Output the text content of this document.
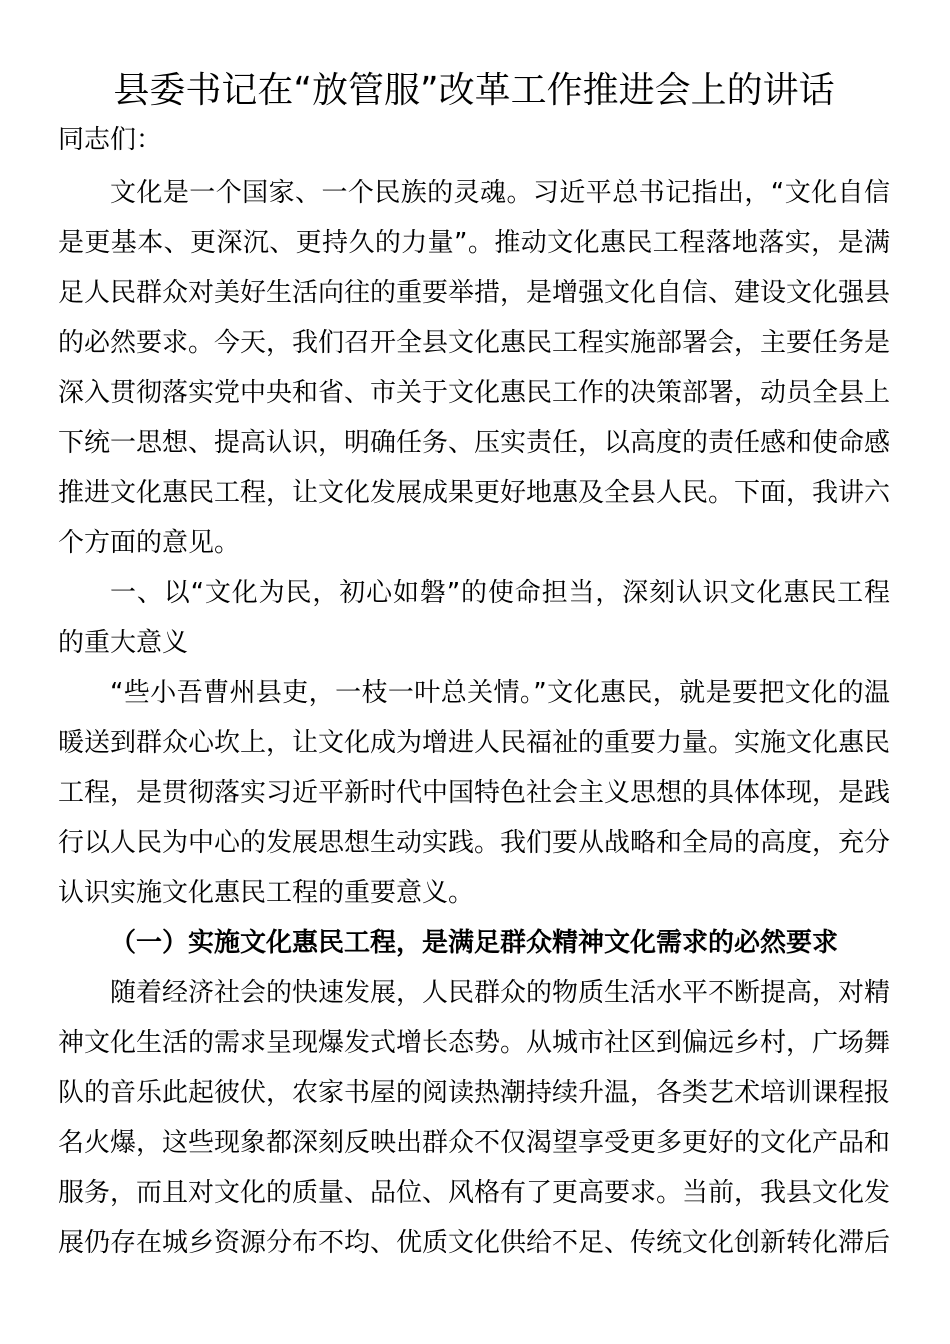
县委书记在“放管服”改革工作推进会上的讲话

同志们：

文化是一个国家、一个民族的灵魂。习近平总书记指出，“文化自信是更基本、更深沉、更持久的力量”。推动文化惠民工程落地落实，是满足人民群众对美好生活向往的重要举措，是增强文化自信、建设文化强县的必然要求。今天，我们召开全县文化惠民工程实施部署会，主要任务是深入贯彻落实党中央和省、市关于文化惠民工作的决策部署，动员全县上下统一思想、提高认识，明确任务、压实责任，以高度的责任感和使命感推进文化惠民工程，让文化发展成果更好地惠及全县人民。下面，我讲六个方面的意见。

一、以“文化为民，初心如磐”的使命担当，深刻认识文化惠民工程的重大意义

“些小吾曹州县吏，一枝一叶总关情。”文化惠民，就是要把文化的温暖送到群众心坎上，让文化成为增进人民福祉的重要力量。实施文化惠民工程，是贯彻落实习近平新时代中国特色社会主义思想的具体体现，是践行以人民为中心的发展思想生动实践。我们要从战略和全局的高度，充分认识实施文化惠民工程的重要意义。

（一）实施文化惠民工程，是满足群众精神文化需求的必然要求

随着经济社会的快速发展，人民群众的物质生活水平不断提高，对精神文化生活的需求呈现爆发式增长态势。从城市社区到偏远乡村，广场舞队的音乐此起彼伏，农家书屋的阅读热潮持续升温，各类艺术培训课程报名火爆，这些现象都深刻反映出群众不仅渴望享受更多更好的文化产品和服务，而且对文化的质量、品位、风格有了更高要求。当前，我县文化发展仍存在城乡资源分布不均、优质文化供给不足、传统文化创新转化滞后
